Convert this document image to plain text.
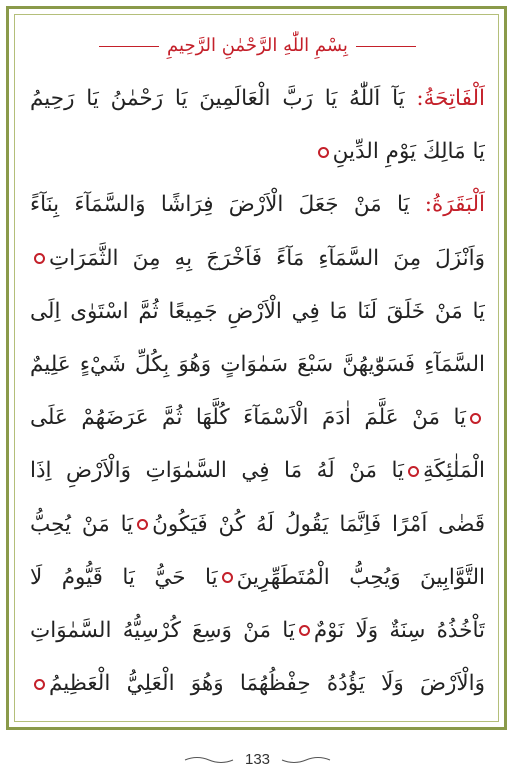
بِسْمِ اللّٰهِ الرَّحْمٰنِ الرَّحِيمِ
اَلْفَاتِحَةُ: يَآ اَللّٰهُ يَا رَبَّ الْعَالَمِينَ يَا رَحْمٰنُ يَا رَحِيمُ
يَا مَالِكَ يَوْمِ الدِّينِ
اَلْبَقَرَةُ: يَا مَنْ جَعَلَ الْاَرْضَ فِرَاشًا وَالسَّمَآءَ بِنَآءً
وَاَنْزَلَ مِنَ السَّمَآءِ مَآءً فَاَخْرَجَ بِهِ مِنَ الثَّمَرَاتِ
يَا مَنْ خَلَقَ لَنَا مَا فِي الْاَرْضِ جَمِيعًا ثُمَّ اسْتَوٰى اِلَى
السَّمَآءِ فَسَوّٰيهُنَّ سَبْعَ سَمٰوَاتٍ وَهُوَ بِكُلِّ شَيْءٍ عَلِيمٌ
يَا مَنْ عَلَّمَ اٰدَمَ الْاَسْمَآءَ كُلَّهَا ثُمَّ عَرَضَهُمْ عَلَى
الْمَلٰئِكَةِيَا مَنْ لَهُ مَا فِي السَّمٰوَاتِ وَالْاَرْضِ اِذَا
قَضٰى اَمْرًا فَاِنَّمَا يَقُولُ لَهُ كُنْ فَيَكُونُيَا مَنْ يُحِبُّ
التَّوَّابِينَ وَيُحِبُّ الْمُتَطَهِّرِينَيَا حَيُّ يَا قَيُّومُ لَا
تَاْخُذُهُ سِنَةٌ وَلَا نَوْمٌيَا مَنْ وَسِعَ كُرْسِيُّهُ السَّمٰوَاتِ
وَالْاَرْضَ وَلَا يَؤُدُهُ حِفْظُهُمَا وَهُوَ الْعَلِيُّ الْعَظِيمُ
133
